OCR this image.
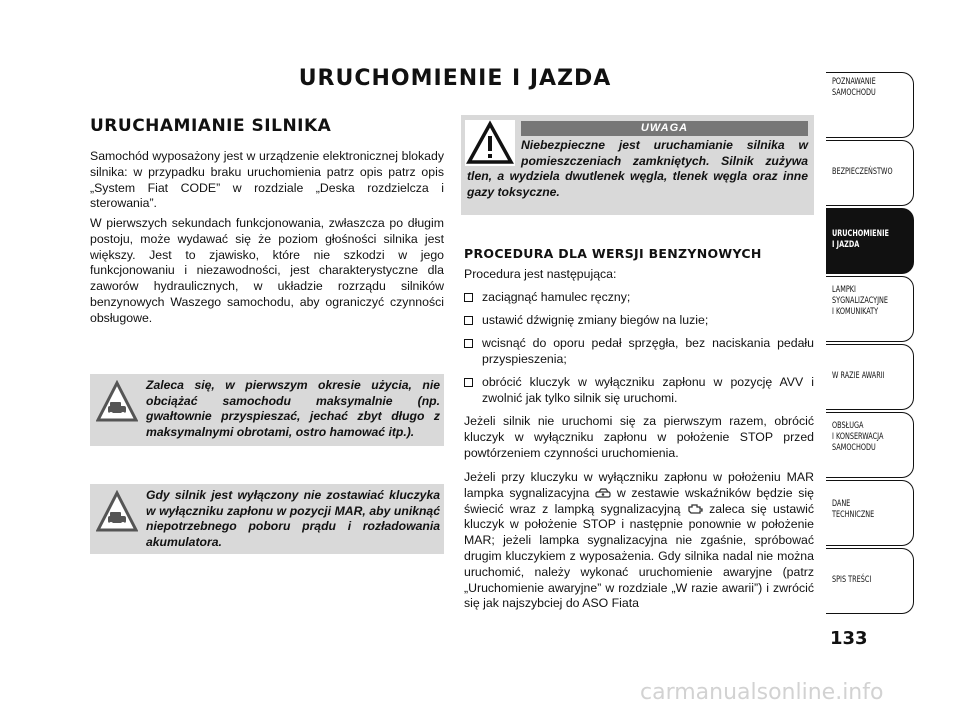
URUCHOMIENIE I JAZDA
URUCHAMIANIE SILNIKA

Samochód wyposażony jest w urządzenie elektronicznej blokady silnika: w przypadku braku uruchomienia patrz opis patrz opis „System Fiat CODE” w rozdziale „Deska rozdzielcza i sterowania”.

W pierwszych sekundach funkcjonowania, zwłaszcza po długim postoju, może wydawać się że poziom głośności silnika jest większy. Jest to zjawisko, które nie szkodzi w jego funkcjonowaniu i niezawodności, jest charakterystyczne dla zaworów hydraulicznych, w układzie rozrządu silników benzynowych Waszego samochodu, aby ograniczyć czynności obsługowe.

Zaleca się, w pierwszym okresie użycia, nie obciążać samochodu maksymalnie (np. gwałtownie przyspieszać, jechać zbyt długo z maksymalnymi obrotami, ostro hamować itp.).
Gdy silnik jest wyłączony nie zostawiać kluczyka w wyłączniku zapłonu w pozycji MAR, aby uniknąć niepotrzebnego poboru prądu i rozładowania akumulatora.
UWAGA
Niebezpieczne jest uruchamianie silnika w pomieszczeniach zamkniętych. Silnik zużywa tlen, a wydziela dwutlenek węgla, tlenek węgla oraz inne gazy toksyczne.
PROCEDURA DLA WERSJI BENZYNOWYCH

Procedura jest następująca:

zaciągnąć hamulec ręczny;
ustawić dźwignię zmiany biegów na luzie;
wcisnąć do oporu pedał sprzęgła, bez naciskania pedału przyspieszenia;
obrócić kluczyk w wyłączniku zapłonu w pozycję AVV i zwolnić jak tylko silnik się uruchomi.

Jeżeli silnik nie uruchomi się za pierwszym razem, obrócić kluczyk w wyłączniku zapłonu w położenie STOP przed powtórzeniem czynności uruchomienia.

Jeżeli przy kluczyku w wyłączniku zapłonu w położeniu MAR lampka sygnalizacyjna w zestawie wskaźników będzie się świecić wraz z lampką sygnalizacyjną zaleca się ustawić kluczyk w położenie STOP i następnie ponownie w położenie MAR; jeżeli lampka sygnalizacyjna nie zgaśnie, spróbować drugim kluczykiem z wyposażenia. Gdy silnika nadal nie można uruchomić, należy wykonać uruchomienie awaryjne (patrz „Uruchomienie awaryjne” w rozdziale „W razie awarii”) i zwrócić się jak najszybciej do ASO Fiata

POZNAWANIE
SAMOCHODU
BEZPIECZEŃSTWO
URUCHOMIENIE
I JAZDA
LAMPKI
SYGNALIZACYJNE
I KOMUNIKATY
W RAZIE AWARII
OBSŁUGA
I KONSERWACJA
SAMOCHODU
DANE
TECHNICZNE
SPIS TREŚCI
133
carmanualsonline.info
